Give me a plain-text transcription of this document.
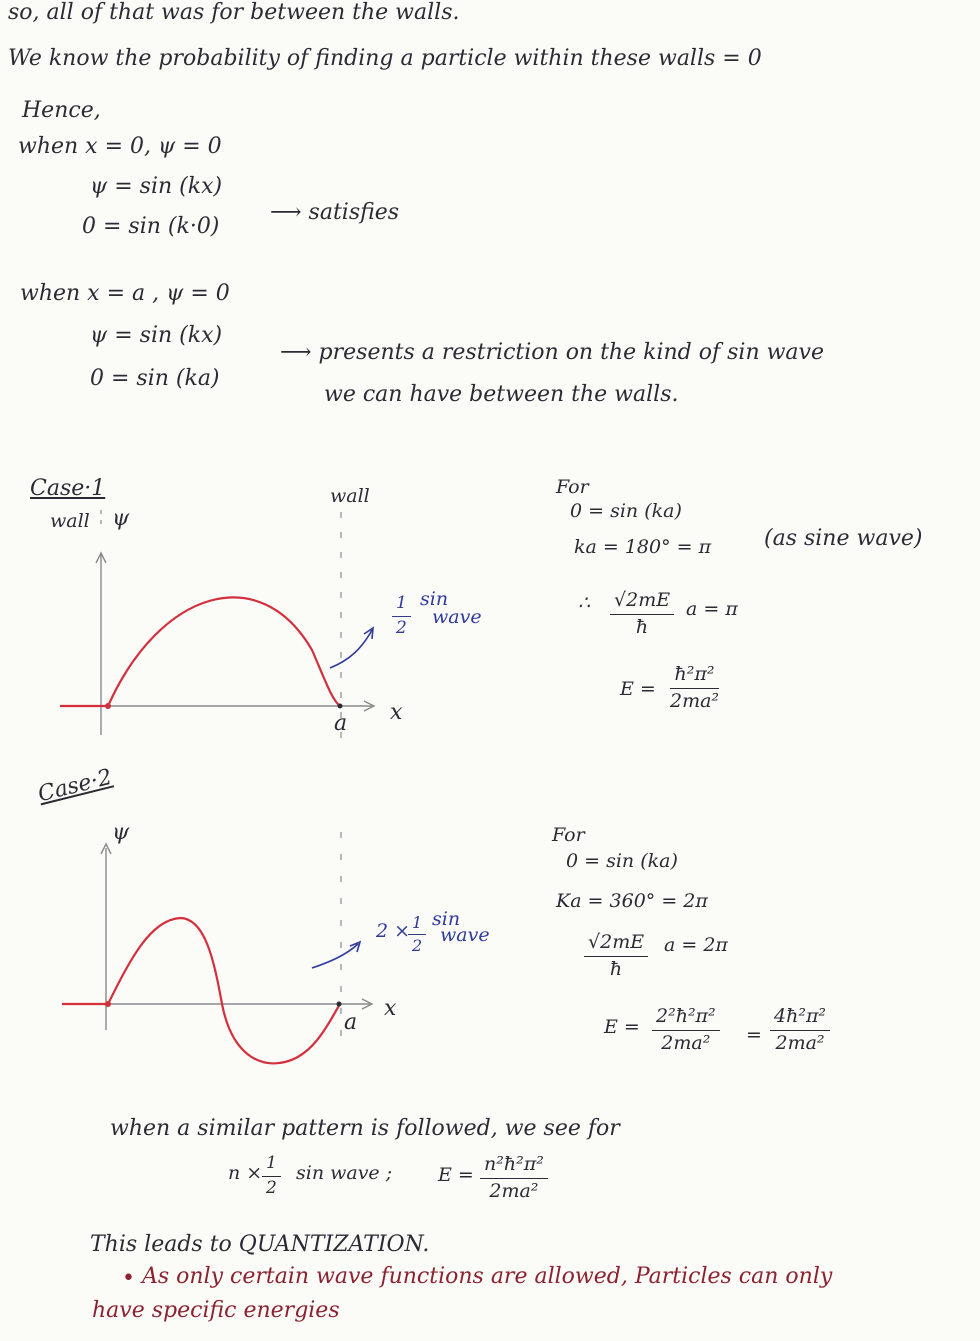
so, all of that was for between the walls.
We know the probability of finding a particle within these walls = 0
Hence,
when x = 0, ψ = 0
ψ = sin (kx)
0 = sin (k·0)
⟶ satisfies
when x = a , ψ = 0
ψ = sin (kx)
0 = sin (ka)
⟶ presents a restriction on the kind of sin wave
we can have between the walls.
Case·1
wall ψ
wall
a x
$\frac{1}{2}$ sin
wave
For
0 = sin (ka)
ka = 180° = π (as sine wave)
∴ $\frac{√2mE}{ħ}$ a = π
$E = \frac{\text{ħ²π²}}{\text{2ma²}}$
Case·2
ψ
a
x
2 ×
$\frac{1}{2}$ sin
wave
For
0 = sin (ka)
Ka = 360° = 2π
$\frac{√2mE}{ħ}$ a = 2π
$E = \frac{\text{2²ħ²π²}}{\text{2ma²}} = \frac{\text{4ħ²π²}}{\text{2ma²}}$
when a similar pattern is followed, we see for
$n \times \frac{1}{2}$ sin wave ; $E = \frac{\text{n²ħ²π²}}{\text{2ma²}}$
This leads to QUANTIZATION.
• As only certain wave functions are allowed, Particles can only
have specific energies
